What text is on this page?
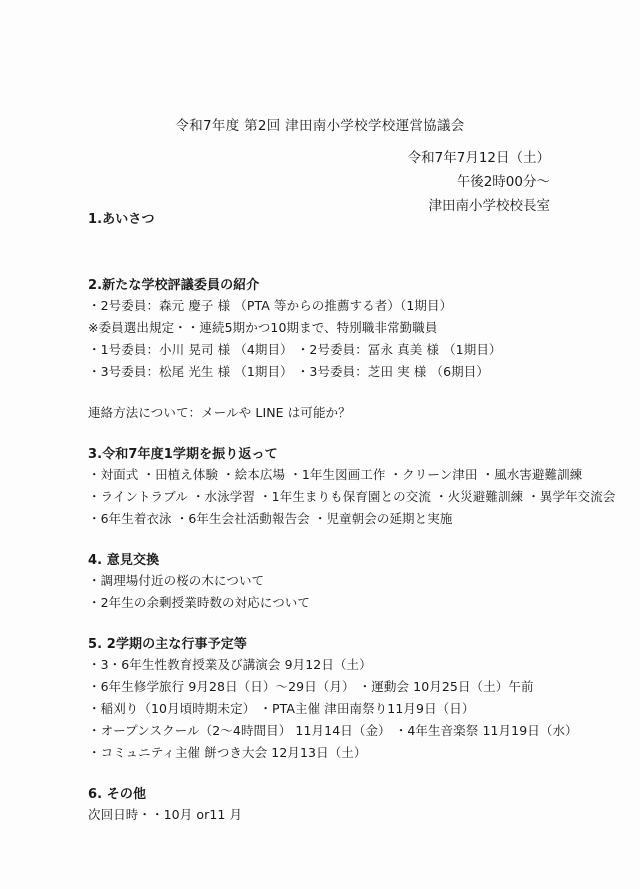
令和7年度 第2回 津田南小学校学校運営協議会
令和7年7月12日（土）
午後2時00分～
津田南小学校校長室
1.あいさつ
2.新たな学校評議委員の紹介
・2号委員：森元 慶子 様 （PTA 等からの推薦する者）（1期目）
※委員選出規定・・連続5期かつ10期まで、特別職非常勤職員
・1号委員：小川 晃司 様 （4期目） ・2号委員：冨永 真美 様 （1期目）
・3号委員：松尾 光生 様 （1期目） ・3号委員：芝田 実 様 （6期目）
連絡方法について：メールや LINE は可能か？
3.令和7年度1学期を振り返って
・対面式 ・田植え体験 ・絵本広場 ・1年生図画工作 ・クリーン津田 ・風水害避難訓練
・ライントラブル ・水泳学習 ・1年生まりも保育園との交流 ・火災避難訓練 ・異学年交流会
・6年生着衣泳 ・6年生会社活動報告会 ・児童朝会の延期と実施
4. 意見交換
・調理場付近の桜の木について
・2年生の余剰授業時数の対応について
5. 2学期の主な行事予定等
・3・6年生性教育授業及び講演会 9月12日（土）
・6年生修学旅行 9月28日（日）～29日（月） ・運動会 10月25日（土）午前
・稲刈り（10月頃時期未定） ・PTA主催 津田南祭り11月9日（日）
・オープンスクール（2～4時間目） 11月14日（金） ・4年生音楽祭 11月19日（水）
・コミュニティ主催 餅つき大会 12月13日（土）
6. その他
次回日時・・10月 or11 月
